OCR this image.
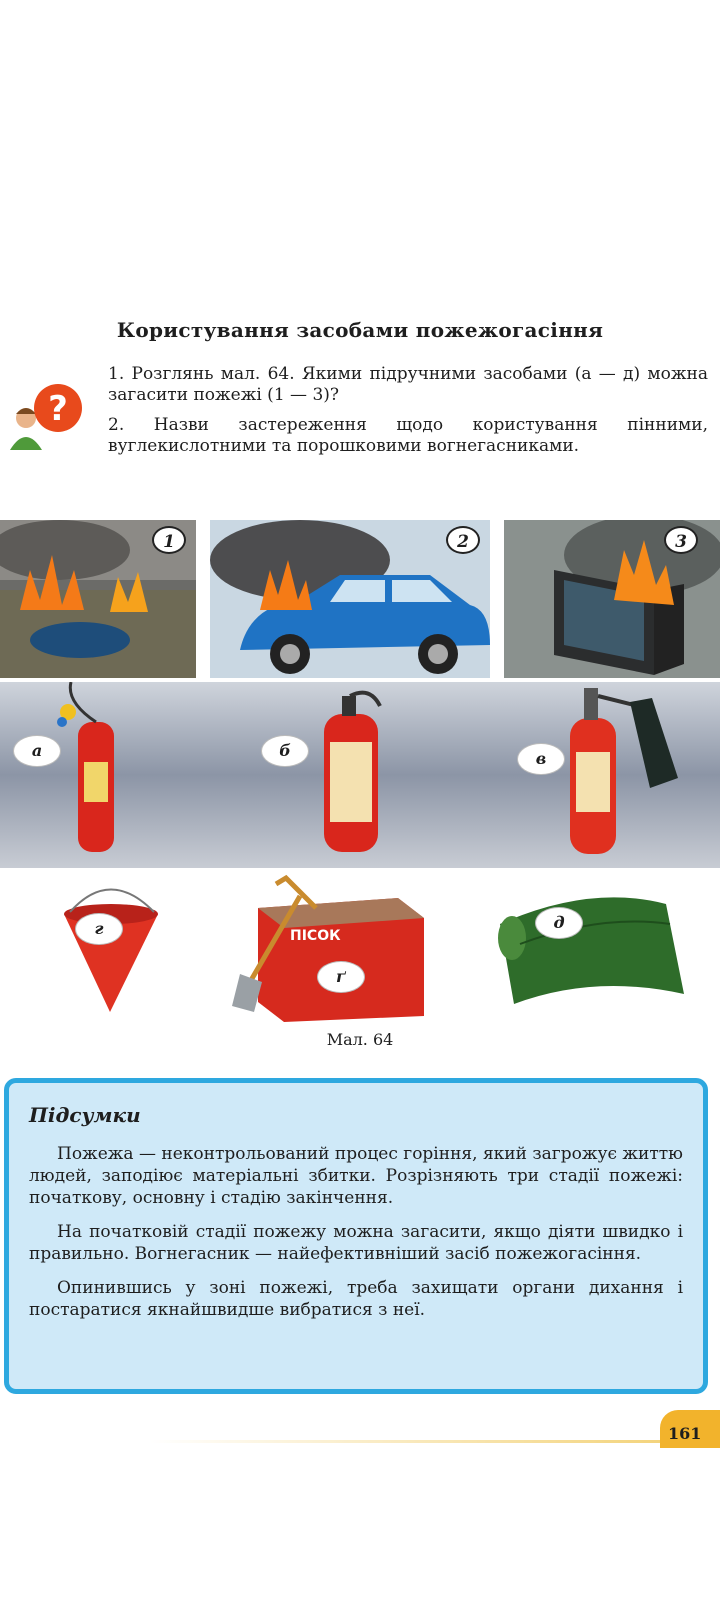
Користування засобами пожежогасіння
?

1. Розглянь мал. 64. Якими підручними засобами (а — д) можна загасити пожежі (1 — 3)?

2. Назви застереження щодо користування пінними, вуглекислотними та порошковими вогнегасниками.

1	2	3
а	б	в
ПІСОК
г
ґ
д
Мал. 64
Підсумки

Пожежа — неконтрольований процес горіння, який загрожує життю людей, заподіює матеріальні збитки. Розрізняють три стадії пожежі: початкову, основну і стадію закінчення.

На початковій стадії пожежу можна загасити, якщо діяти швидко і правильно. Вогнегасник — найефективніший засіб пожежогасіння.

Опинившись у зоні пожежі, треба захищати органи дихання і постаратися якнайшвидше вибратися з неї.

161
